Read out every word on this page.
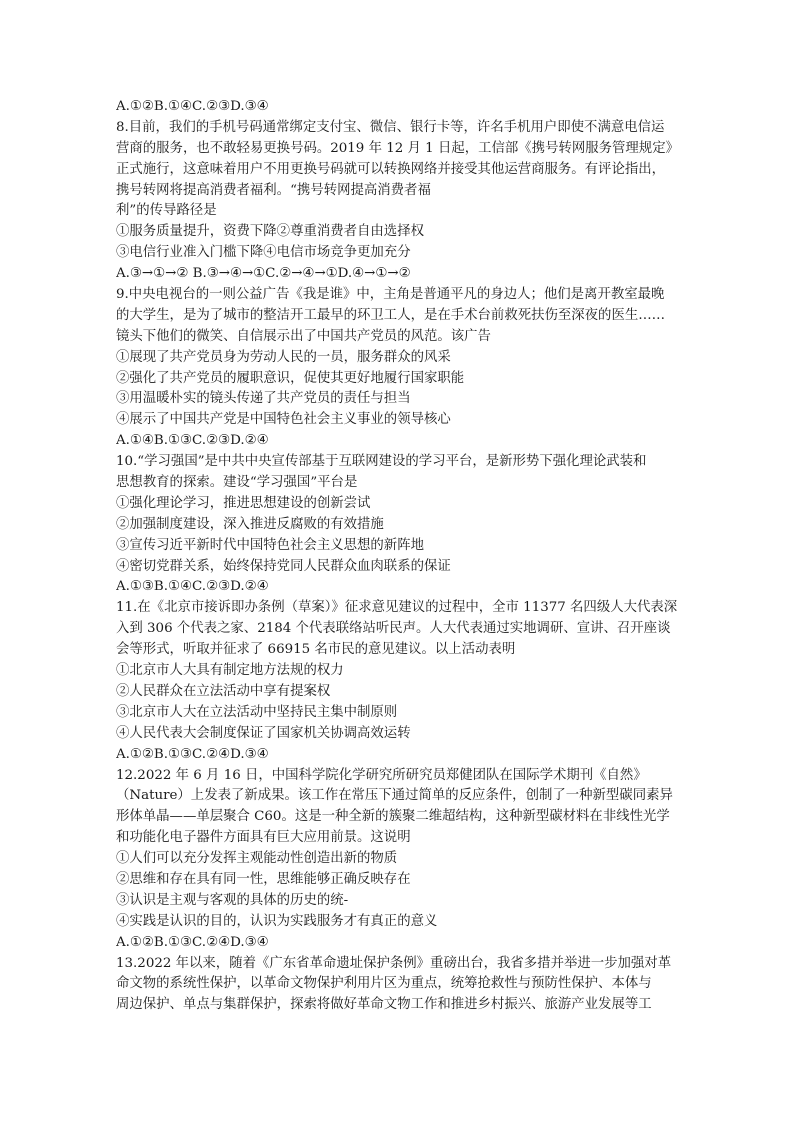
A.①②B.①④C.②③D.③④
8.目前，我们的手机号码通常绑定支付宝、微信、银行卡等，许名手机用户即使不满意电信运
营商的服务，也不敢轻易更换号码。2019 年 12 月 1 日起，工信部《携号转网服务管理规定》
正式施行，这意味着用户不用更换号码就可以转换网络并接受其他运营商服务。有评论指出，
携号转网将提高消费者福利。“携号转网提高消费者福
利”的传导路径是
①服务质量提升，资费下降②尊重消费者自由选择权
③电信行业准入门槛下降④电信市场竞争更加充分
A.③→①→② B.③→④→①C.②→④→①D.④→①→②
9.中央电视台的一则公益广告《我是谁》中，主角是普通平凡的身边人；他们是离开教室最晚
的大学生，是为了城市的整洁开工最早的环卫工人，是在手术台前救死扶伤至深夜的医生……
镜头下他们的微笑、自信展示出了中国共产党员的风范。该广告
①展现了共产党员身为劳动人民的一员，服务群众的风采
②强化了共产党员的履职意识，促使其更好地履行国家职能
③用温暖朴实的镜头传递了共产党员的责任与担当
④展示了中国共产党是中国特色社会主义事业的领导核心
A.①④B.①③C.②③D.②④
10.“学习强国”是中共中央宣传部基于互联网建设的学习平台，是新形势下强化理论武装和
思想教育的探索。建设“学习强国”平台是
①强化理论学习，推进思想建设的创新尝试
②加强制度建设，深入推进反腐败的有效措施
③宣传习近平新时代中国特色社会主义思想的新阵地
④密切党群关系，始终保持党同人民群众血肉联系的保证
A.①③B.①④C.②③D.②④
11.在《北京市接诉即办条例（草案）》征求意见建议的过程中，全市 11377 名四级人大代表深
入到 306 个代表之家、2184 个代表联络站听民声。人大代表通过实地调研、宣讲、召开座谈
会等形式，听取并征求了 66915 名市民的意见建议。以上活动表明
①北京市人大具有制定地方法规的权力
②人民群众在立法活动中享有提案权
③北京市人大在立法活动中坚持民主集中制原则
④人民代表大会制度保证了国家机关协调高效运转
A.①②B.①③C.②④D.③④
12.2022 年 6 月 16 日，中国科学院化学研究所研究员郑健团队在国际学术期刊《自然》
（Nature）上发表了新成果。该工作在常压下通过简单的反应条件，创制了一种新型碳同素异
形体单晶——单层聚合 C60。这是一种全新的簇聚二维超结构，这种新型碳材料在非线性光学
和功能化电子器件方面具有巨大应用前景。这说明
①人们可以充分发挥主观能动性创造出新的物质
②思维和存在具有同一性，思维能够正确反映存在
③认识是主观与客观的具体的历史的统-
④实践是认识的目的，认识为实践服务才有真正的意义
A.①②B.①③C.②④D.③④
13.2022 年以来，随着《广东省革命遗址保护条例》重磅出台，我省多措并举进一步加强对革
命文物的系统性保护，以革命文物保护利用片区为重点，统筹抢救性与预防性保护、本体与
周边保护、单点与集群保护，探索将做好革命文物工作和推进乡村振兴、旅游产业发展等工
